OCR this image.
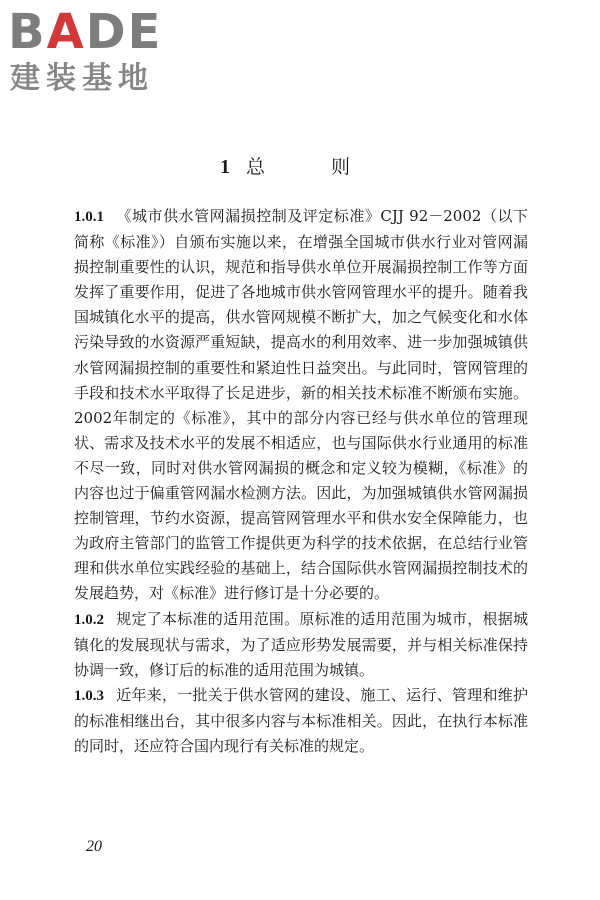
BADE
建装基地
1 总 则

1.0.1 《城市供水管网漏损控制及评定标准》CJJ 92－2002（以下简称《标准》）自颁布实施以来，在增强全国城市供水行业对管网漏损控制重要性的认识，规范和指导供水单位开展漏损控制工作等方面发挥了重要作用，促进了各地城市供水管网管理水平的提升。随着我国城镇化水平的提高，供水管网规模不断扩大，加之气候变化和水体污染导致的水资源严重短缺，提高水的利用效率、进一步加强城镇供水管网漏损控制的重要性和紧迫性日益突出。与此同时，管网管理的手段和技术水平取得了长足进步，新的相关技术标准不断颁布实施。2002年制定的《标准》，其中的部分内容已经与供水单位的管理现状、需求及技术水平的发展不相适应，也与国际供水行业通用的标准不尽一致，同时对供水管网漏损的概念和定义较为模糊，《标准》的内容也过于偏重管网漏水检测方法。因此，为加强城镇供水管网漏损控制管理，节约水资源，提高管网管理水平和供水安全保障能力，也为政府主管部门的监管工作提供更为科学的技术依据，在总结行业管理和供水单位实践经验的基础上，结合国际供水管网漏损控制技术的发展趋势，对《标准》进行修订是十分必要的。

1.0.2 规定了本标准的适用范围。原标准的适用范围为城市，根据城镇化的发展现状与需求，为了适应形势发展需要，并与相关标准保持协调一致，修订后的标准的适用范围为城镇。

1.0.3 近年来，一批关于供水管网的建设、施工、运行、管理和维护的标准相继出台，其中很多内容与本标准相关。因此，在执行本标准的同时，还应符合国内现行有关标准的规定。

20
